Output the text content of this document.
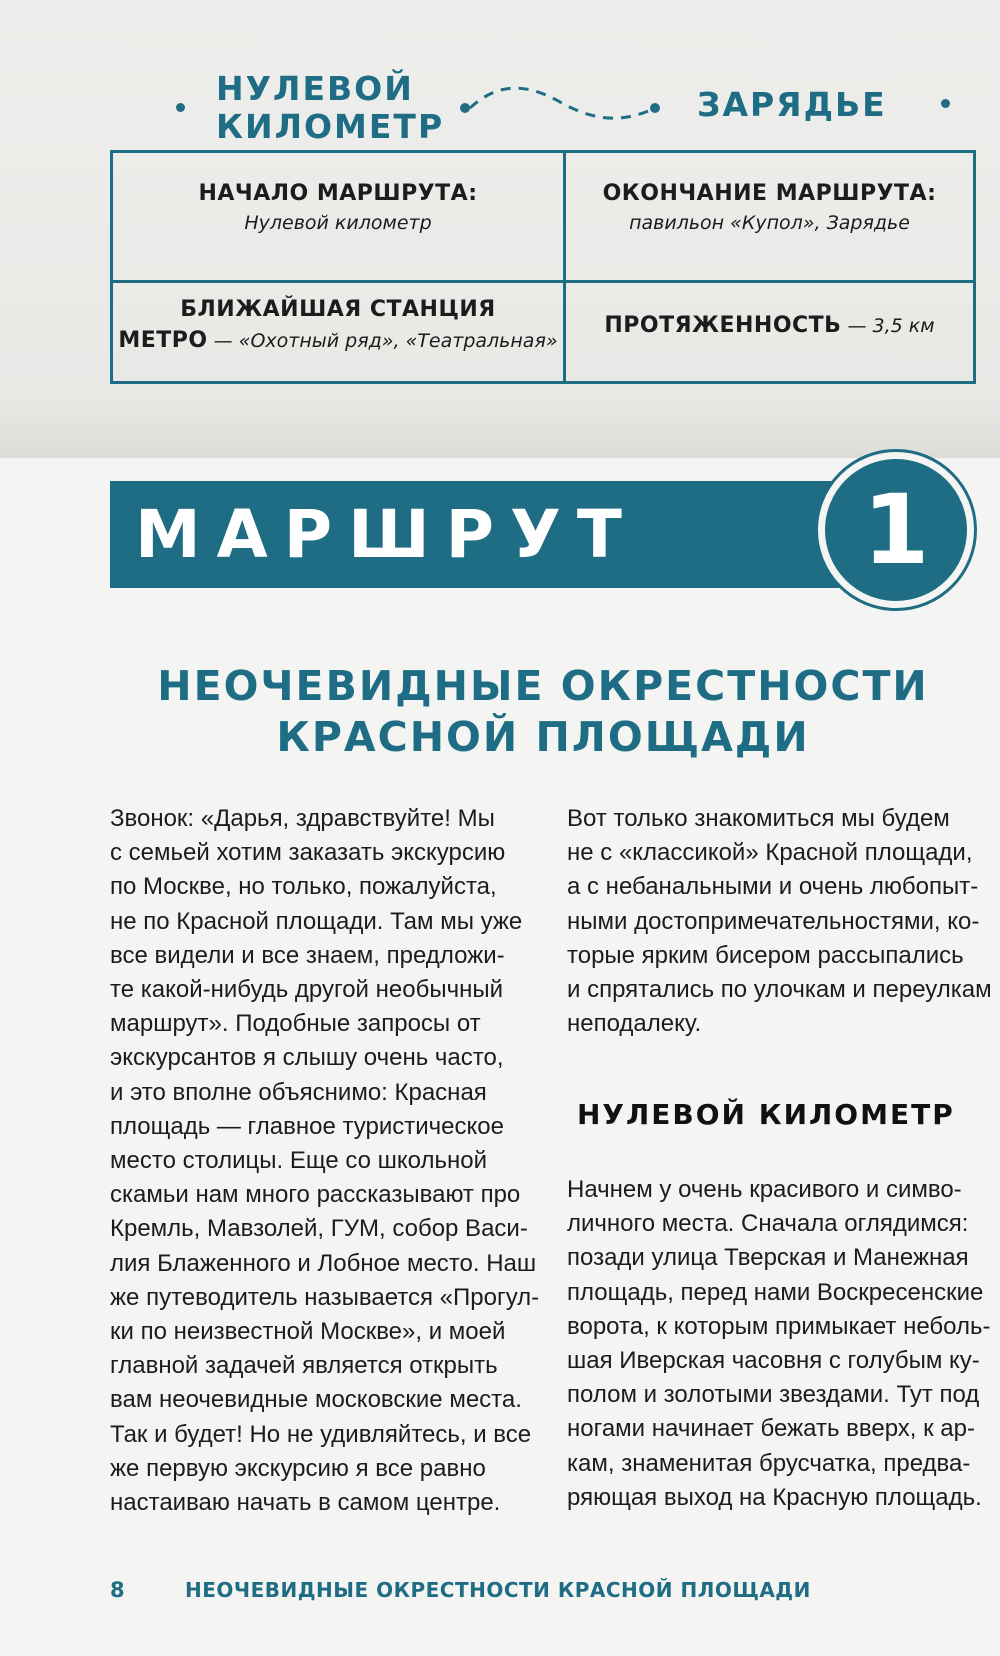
НУЛЕВОЙ КИЛОМЕТР
ЗАРЯДЬЕ
НАЧАЛО МАРШРУТА:
Нулевой километр
ОКОНЧАНИЕ МАРШРУТА:
павильон «Купол», Зарядье
БЛИЖАЙШАЯ СТАНЦИЯ
МЕТРО — «Охотный ряд», «Театральная»
ПРОТЯЖЕННОСТЬ — 3,5 км
МАРШРУТ	1
НЕОЧЕВИДНЫЕ ОКРЕСТНОСТИ
КРАСНОЙ ПЛОЩАДИ
Звонок: «Дарья, здравствуйте! Мы
с семьей хотим заказать экскурсию
по Москве, но только, пожалуйста,
не по Красной площади. Там мы уже
все видели и все знаем, предложи-
те какой-нибудь другой необычный
маршрут». Подобные запросы от
экскурсантов я слышу очень часто,
и это вполне объяснимо: Красная
площадь — главное туристическое
место столицы. Еще со школьной
скамьи нам много рассказывают про
Кремль, Мавзолей, ГУМ, собор Васи-
лия Блаженного и Лобное место. Наш
же путеводитель называется «Прогул-
ки по неизвестной Москве», и моей
главной задачей является открыть
вам неочевидные московские места.
Так и будет! Но не удивляйтесь, и все
же первую экскурсию я все равно
настаиваю начать в самом центре.
Вот только знакомиться мы будем
не с «классикой» Красной площади,
а с небанальными и очень любопыт-
ными достопримечательностями, ко-
торые ярким бисером рассыпались
и спрятались по улочкам и переулкам
неподалеку.
НУЛЕВОЙ КИЛОМЕТР
Начнем у очень красивого и симво-
личного места. Сначала оглядимся:
позади улица Тверская и Манежная
площадь, перед нами Воскресенские
ворота, к которым примыкает неболь-
шая Иверская часовня с голубым ку-
полом и золотыми звездами. Тут под
ногами начинает бежать вверх, к ар-
кам, знаменитая брусчатка, предва-
ряющая выход на Красную площадь.
8	НЕОЧЕВИДНЫЕ ОКРЕСТНОСТИ КРАСНОЙ ПЛОЩАДИ
